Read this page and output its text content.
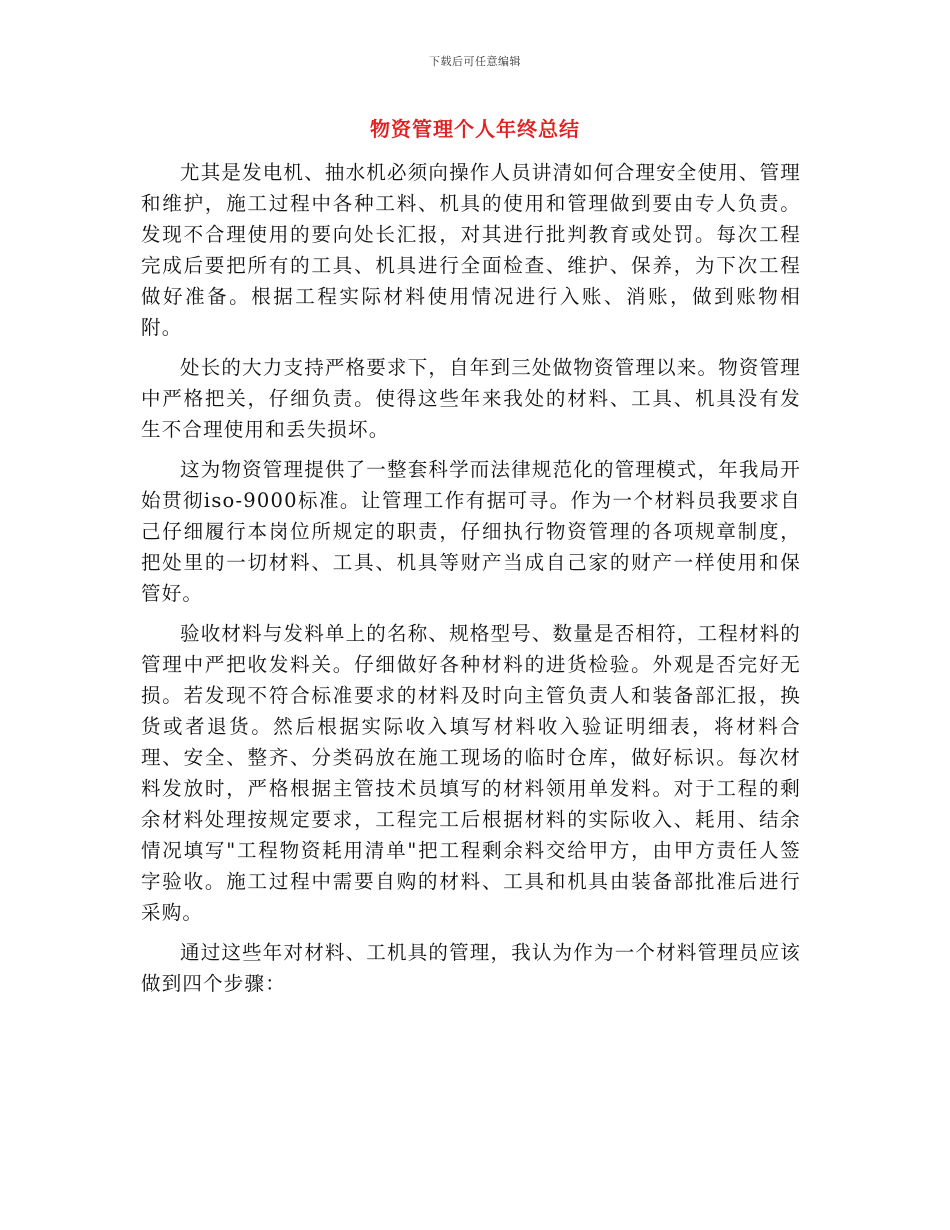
下载后可任意编辑
物资管理个人年终总结

尤其是发电机、抽水机必须向操作人员讲清如何合理安全使用、管理和维护，施工过程中各种工料、机具的使用和管理做到要由专人负责。发现不合理使用的要向处长汇报，对其进行批判教育或处罚。每次工程完成后要把所有的工具、机具进行全面检查、维护、保养，为下次工程做好准备。根据工程实际材料使用情况进行入账、消账，做到账物相附。

处长的大力支持严格要求下，自年到三处做物资管理以来。物资管理中严格把关，仔细负责。使得这些年来我处的材料、工具、机具没有发生不合理使用和丢失损坏。

这为物资管理提供了一整套科学而法律规范化的管理模式，年我局开始贯彻iso-9000标准。让管理工作有据可寻。作为一个材料员我要求自己仔细履行本岗位所规定的职责，仔细执行物资管理的各项规章制度，把处里的一切材料、工具、机具等财产当成自己家的财产一样使用和保管好。

验收材料与发料单上的名称、规格型号、数量是否相符，工程材料的管理中严把收发料关。仔细做好各种材料的进货检验。外观是否完好无损。若发现不符合标准要求的材料及时向主管负责人和装备部汇报，换货或者退货。然后根据实际收入填写材料收入验证明细表，将材料合理、安全、整齐、分类码放在施工现场的临时仓库，做好标识。每次材料发放时，严格根据主管技术员填写的材料领用单发料。对于工程的剩余材料处理按规定要求，工程完工后根据材料的实际收入、耗用、结余情况填写"工程物资耗用清单"把工程剩余料交给甲方，由甲方责任人签字验收。施工过程中需要自购的材料、工具和机具由装备部批准后进行采购。

通过这些年对材料、工机具的管理，我认为作为一个材料管理员应该做到四个步骤：
